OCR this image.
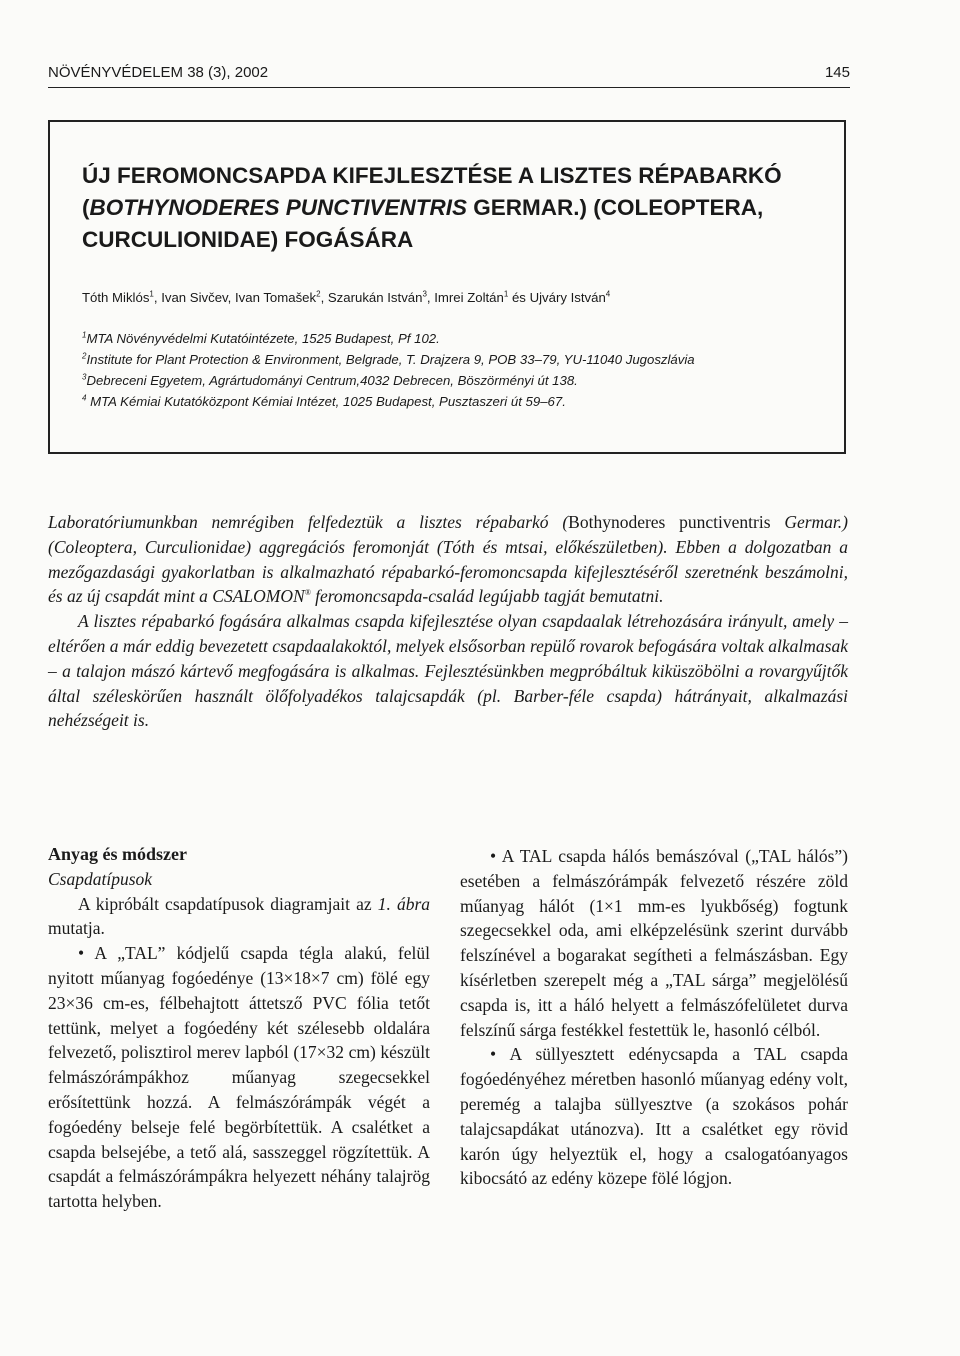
NÖVÉNYVÉDELEM 38 (3), 2002	145
ÚJ FEROMONCSAPDA KIFEJLESZTÉSE A LISZTES RÉPABARKÓ (BOTHYNODERES PUNCTIVENTRIS GERMAR.) (COLEOPTERA, CURCULIONIDAE) FOGÁSÁRA
Tóth Miklós$^1$, Ivan Sivčev, Ivan Tomašek$^2$, Szarukán István$^3$, Imrei Zoltán$^1$ és Ujváry István$^4$
$^1$MTA Növényvédelmi Kutatóintézete, 1525 Budapest, Pf 102.
$^2$Institute for Plant Protection & Environment, Belgrade, T. Drajzera 9, POB 33–79, YU-11040 Jugoszlávia
$^3$Debreceni Egyetem, Agrártudományi Centrum,4032 Debrecen, Böszörményi út 138.
$^4$ MTA Kémiai Kutatóközpont Kémiai Intézet, 1025 Budapest, Pusztaszeri út 59–67.

Laboratóriumunkban nemrégiben felfedeztük a lisztes répabarkó (Bothynoderes punctiventris Germar.) (Coleoptera, Curculionidae) aggregációs feromonját (Tóth és mtsai, előkészületben). Ebben a dolgozatban a mezőgazdasági gyakorlatban is alkalmazható répabarkó-feromoncsapda kifejlesztéséről szeretnénk beszámolni, és az új csapdát mint a CSALOMON® feromoncsapda-család legújabb tagját bemutatni.

A lisztes répabarkó fogására alkalmas csapda kifejlesztése olyan csapdaalak létrehozására irányult, amely – eltérően a már eddig bevezetett csapdaalakoktól, melyek elsősorban repülő rovarok befogására voltak alkalmasak – a talajon mászó kártevő megfogására is alkalmas. Fejlesztésünkben megpróbáltuk kiküszöbölni a rovargyűjtők által széleskörűen használt ölőfolyadékos talajcsapdák (pl. Barber-féle csapda) hátrányait, alkalmazási nehézségeit is.

Anyag és módszer

Csapdatípusok

A kipróbált csapdatípusok diagramjait az 1. ábra mutatja.

• A „TAL” kódjelű csapda tégla alakú, felül nyitott műanyag fogóedénye (13×18×7 cm) fölé egy 23×36 cm-es, félbehajtott áttetsző PVC fólia tetőt tettünk, melyet a fogóedény két szélesebb oldalára felvezető, polisztirol merev lapból (17×32 cm) készült felmászórámpákhoz műanyag szegecsekkel erősítettünk hozzá. A felmászórámpák végét a fogóedény belseje felé begörbítettük. A csalétket a csapda belsejébe, a tető alá, sasszeggel rögzítettük. A csapdát a felmászórámpákra helyezett néhány talajrög tartotta helyben.

• A TAL csapda hálós bemászóval („TAL hálós”) esetében a felmászórámpák felvezető részére zöld műanyag hálót (1×1 mm-es lyukbőség) fogtunk szegecsekkel oda, ami elképzelésünk szerint durvább felszínével a bogarakat segítheti a felmászásban. Egy kísérletben szerepelt még a „TAL sárga” megjelölésű csapda is, itt a háló helyett a felmászófelületet durva felszínű sárga festékkel festettük le, hasonló célból.

• A süllyesztett edénycsapda a TAL csapda fogóedényéhez méretben hasonló műanyag edény volt, peremég a talajba süllyesztve (a szokásos pohár talajcsapdákat utánozva). Itt a csalétket egy rövid karón úgy helyeztük el, hogy a csalogatóanyagos kibocsátó az edény közepe fölé lógjon.
